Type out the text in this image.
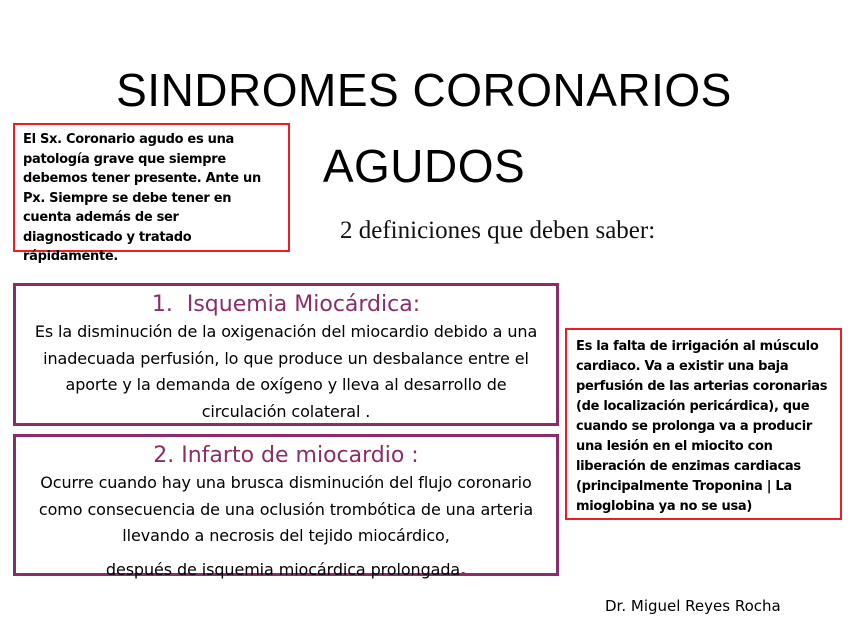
SINDROMES CORONARIOS
AGUDOS
El Sx. Coronario agudo es una patología grave que siempre debemos tener presente. Ante un Px. Siempre se debe tener en cuenta además de ser diagnosticado y tratado rápidamente.

2 definiciones que deben saber:

1. Isquemia Miocárdica:
Es la disminución de la oxigenación del miocardio debido a una inadecuada perfusión, lo que produce un desbalance entre el aporte y la demanda de oxígeno y lleva al desarrollo de circulación colateral .
2. Infarto de miocardio :
Ocurre cuando hay una brusca disminución del flujo coronario como consecuencia de una oclusión trombótica de una arteria llevando a necrosis del tejido miocárdico,
después de isquemia miocárdica prolongada.
Es la falta de irrigación al músculo cardiaco. Va a existir una baja perfusión de las arterias coronarias (de localización pericárdica), que cuando se prolonga va a producir una lesión en el miocito con liberación de enzimas cardiacas (principalmente Troponina | La mioglobina ya no se usa)
Dr. Miguel Reyes Rocha
